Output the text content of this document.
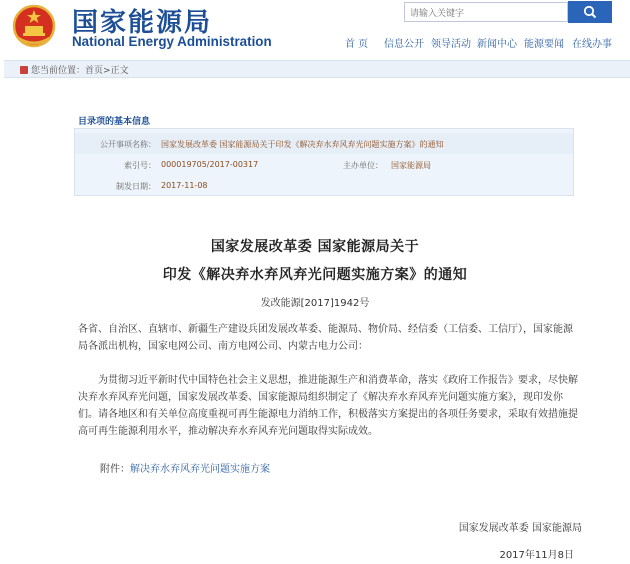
国家能源局
National Energy Administration
请输入关键字
首 页 信息公开 领导活动 新闻中心 能源要闻 在线办事
您当前位置：首页>正文
目录项的基本信息
公开事项名称： 国家发展改革委 国家能源局关于印发《解决弃水弃风弃光问题实施方案》的通知
索引号： 000019705/2017-00317	主办单位： 国家能源局
制发日期： 2017-11-08
国家发展改革委 国家能源局关于
印发《解决弃水弃风弃光问题实施方案》的通知
发改能源[2017]1942号
各省、自治区、直辖市、新疆生产建设兵团发展改革委、能源局、物价局、经信委（工信委、工信厅），国家能源局各派出机构，国家电网公司、南方电网公司、内蒙古电力公司：
为贯彻习近平新时代中国特色社会主义思想，推进能源生产和消费革命，落实《政府工作报告》要求，尽快解决弃水弃风弃光问题，国家发展改革委、国家能源局组织制定了《解决弃水弃风弃光问题实施方案》，现印发你们。请各地区和有关单位高度重视可再生能源电力消纳工作，积极落实方案提出的各项任务要求，采取有效措施提高可再生能源利用水平，推动解决弃水弃风弃光问题取得实际成效。
附件：解决弃水弃风弃光问题实施方案
国家发展改革委 国家能源局
2017年11月8日
